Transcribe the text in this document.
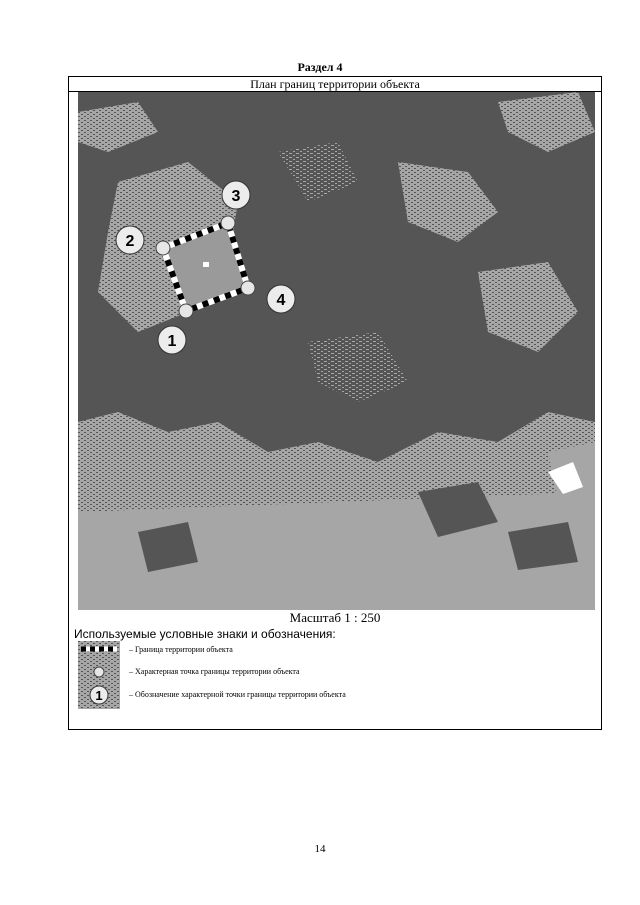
Раздел 4
План границ территории объекта
1
2
3
4
Масштаб 1 : 250
Используемые условные знаки и обозначения:
1
– Граница территории объекта
– Характерная точка границы территории объекта
– Обозначение характерной точки границы территории объекта
14
